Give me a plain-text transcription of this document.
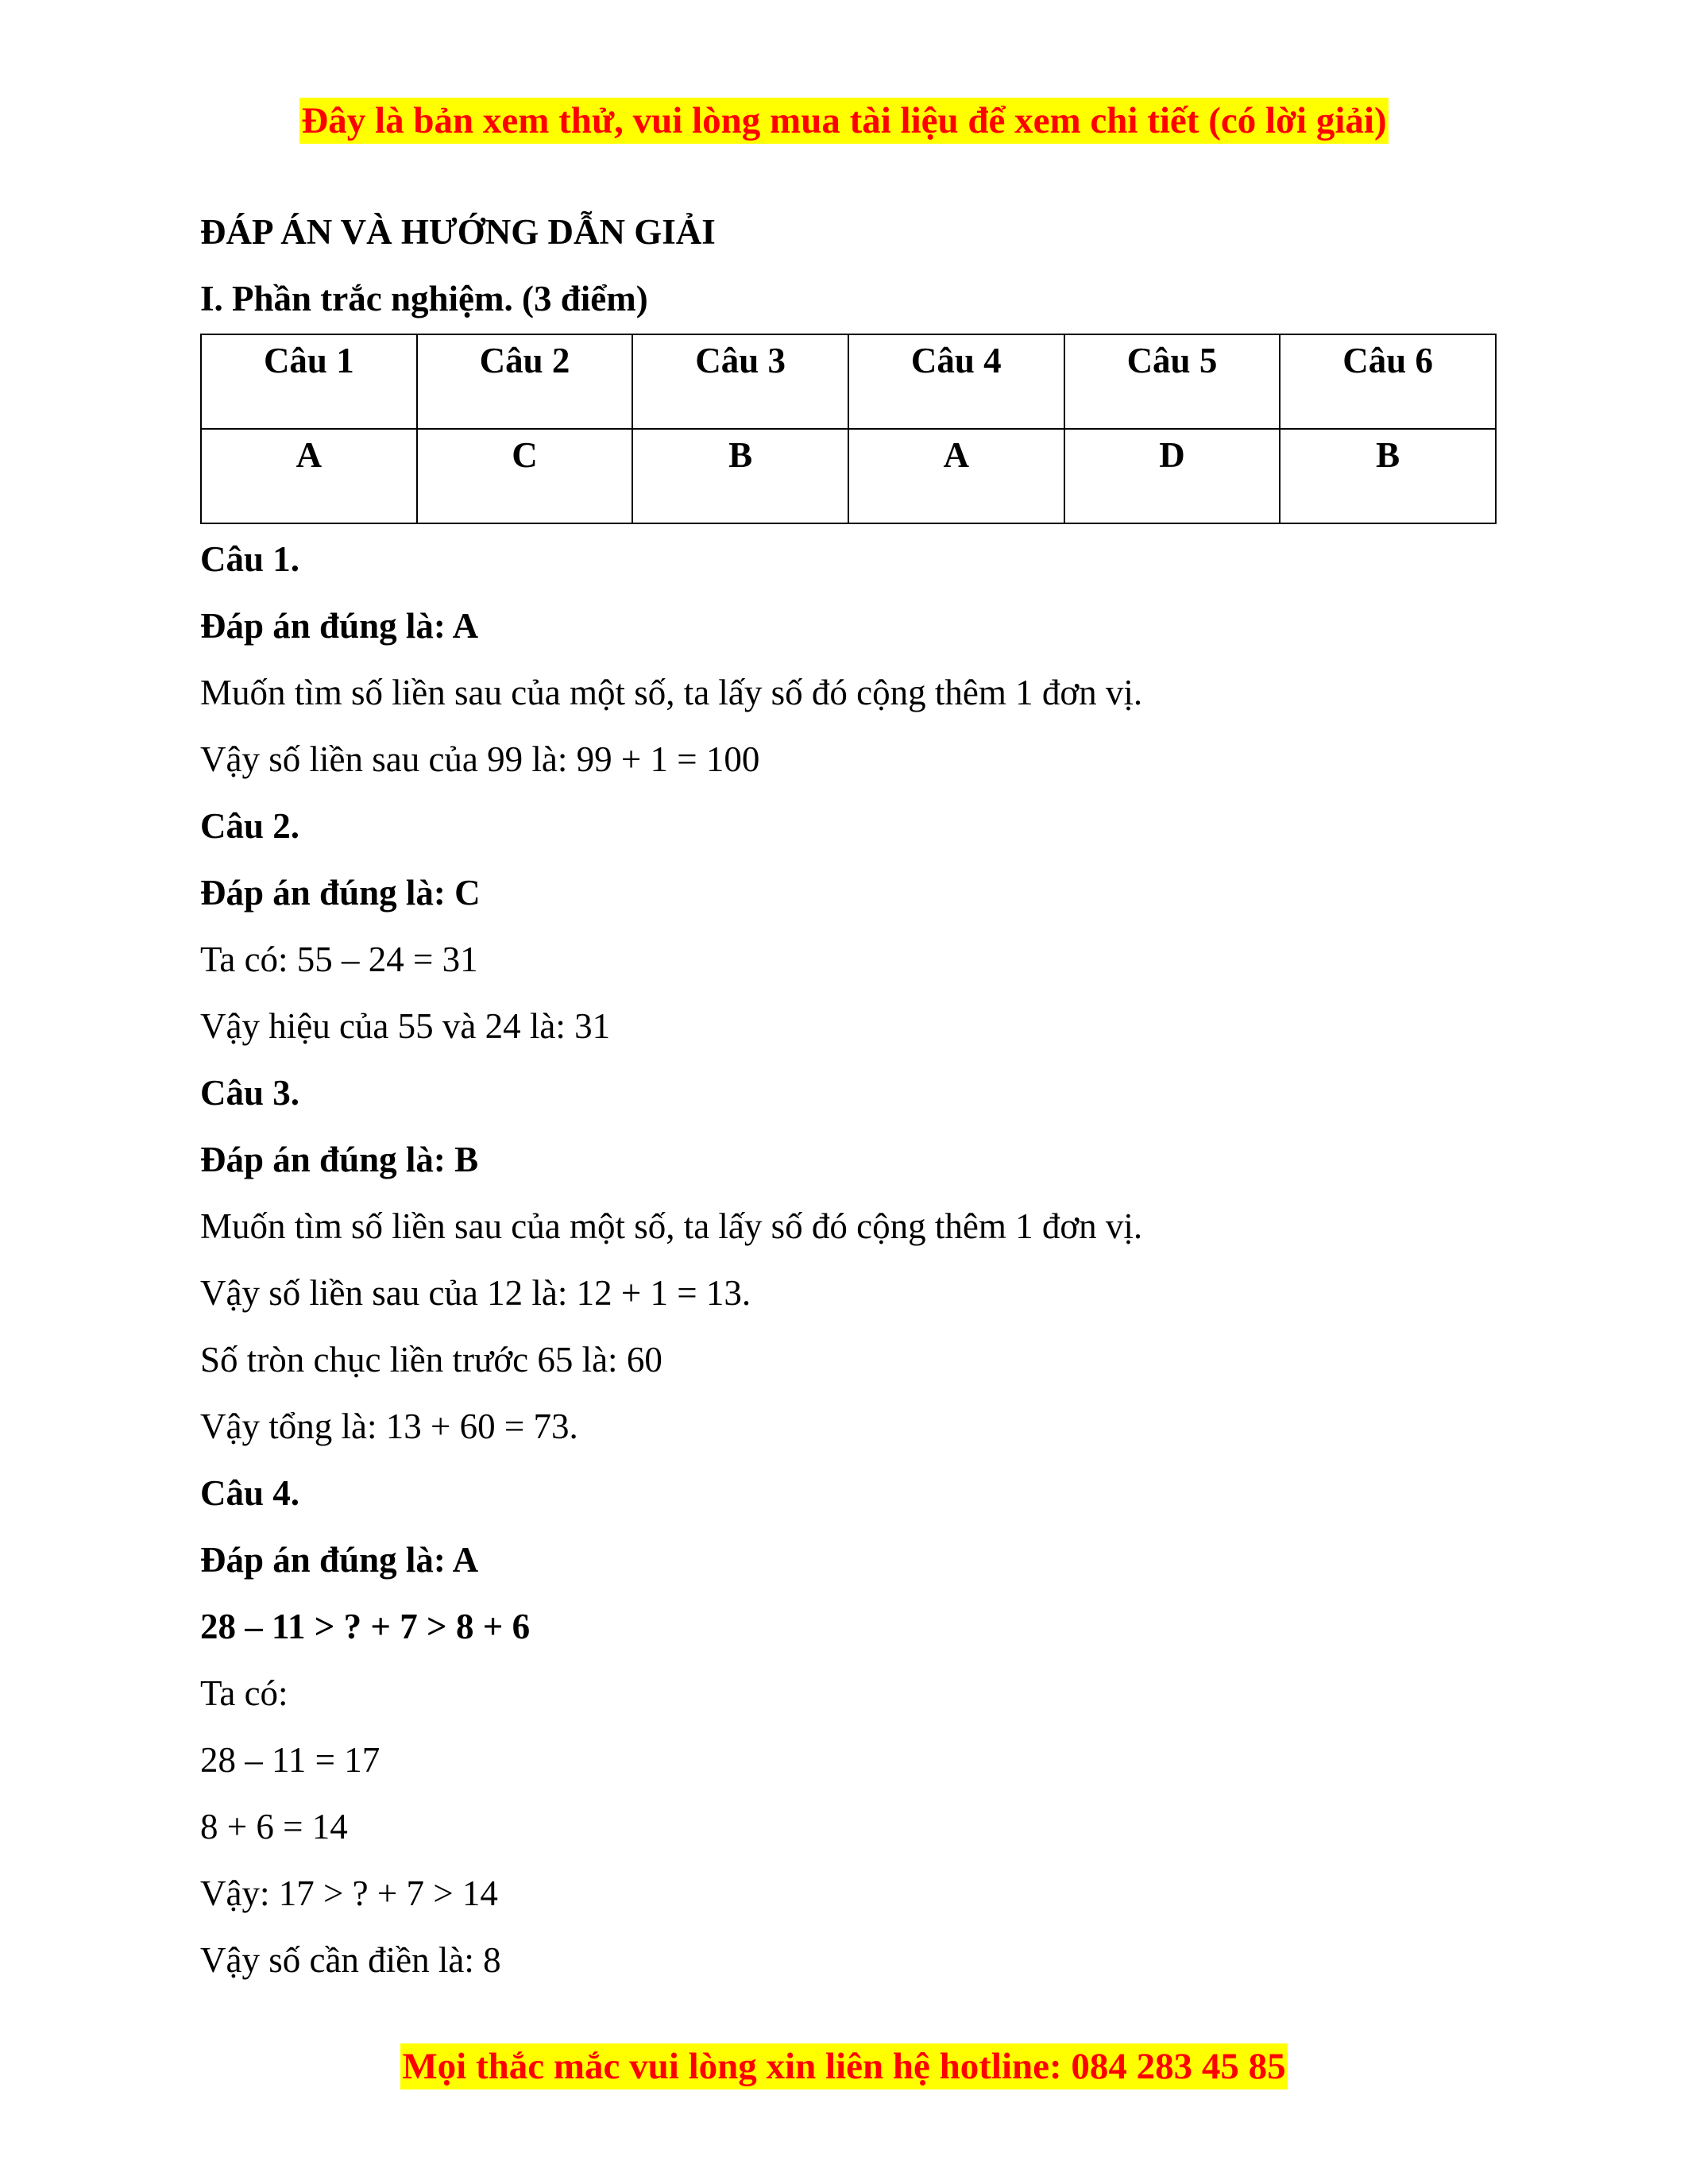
Đây là bản xem thử, vui lòng mua tài liệu để xem chi tiết (có lời giải)
ĐÁP ÁN VÀ HƯỚNG DẪN GIẢI
I. Phần trắc nghiệm. (3 điểm)
Câu 1	Câu 2	Câu 3	Câu 4	Câu 5	Câu 6
A	C	B	A	D	B
Câu 1.
Đáp án đúng là: A
Muốn tìm số liền sau của một số, ta lấy số đó cộng thêm 1 đơn vị.
Vậy số liền sau của 99 là: 99 + 1 = 100
Câu 2.
Đáp án đúng là: C
Ta có: 55 – 24 = 31
Vậy hiệu của 55 và 24 là: 31
Câu 3.
Đáp án đúng là: B
Muốn tìm số liền sau của một số, ta lấy số đó cộng thêm 1 đơn vị.
Vậy số liền sau của 12 là: 12 + 1 = 13.
Số tròn chục liền trước 65 là: 60
Vậy tổng là: 13 + 60 = 73.
Câu 4.
Đáp án đúng là: A
28 – 11 > ? + 7 > 8 + 6
Ta có:
28 – 11 = 17
8 + 6 = 14
Vậy: 17 > ? + 7 > 14
Vậy số cần điền là: 8
Mọi thắc mắc vui lòng xin liên hệ hotline: 084 283 45 85
